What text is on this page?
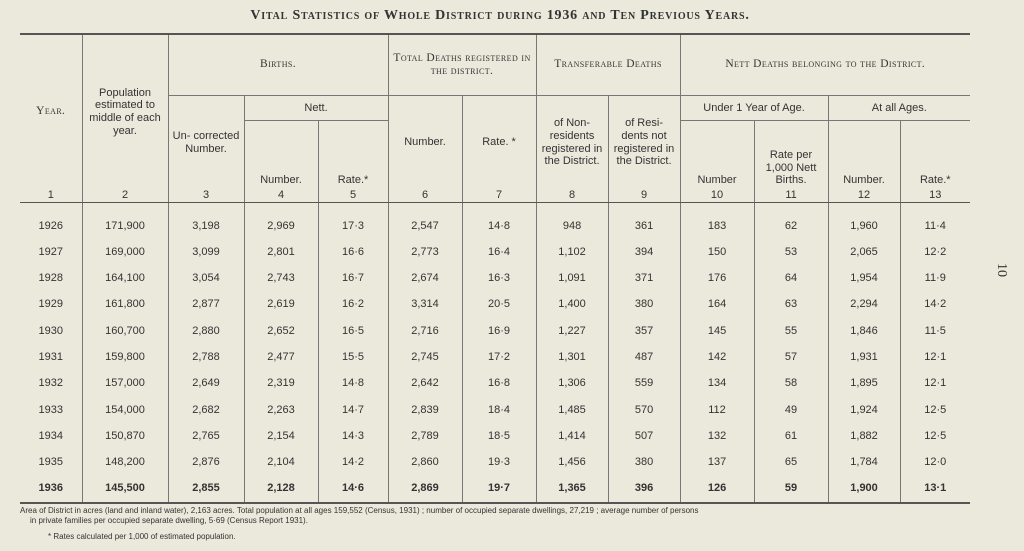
Vital Statistics of Whole District during 1936 and Ten Previous Years.
10
Year.	Population estimated to middle of each year.	Births.			Total Deaths registered in the district.		Transferable Deaths		Nett Deaths belonging to the District.			
		Un- corrected Number.	Nett.		Number.	Rate. *	of Non- residents registered in the District.	of Resi- dents not registered in the District.	Under 1 Year of Age.		At all Ages.	
			Number.	Rate.*					Number	Rate per 1,000 Nett Births.	Number.	Rate.*
1	2	3	4	5	6	7	8	9	10	11	12	13
1926	171,900	3,198	2,969	17·3	2,547	14·8	948	361	183	62	1,960	11·4
1927	169,000	3,099	2,801	16·6	2,773	16·4	1,102	394	150	53	2,065	12·2
1928	164,100	3,054	2,743	16·7	2,674	16·3	1,091	371	176	64	1,954	11·9
1929	161,800	2,877	2,619	16·2	3,314	20·5	1,400	380	164	63	2,294	14·2
1930	160,700	2,880	2,652	16·5	2,716	16·9	1,227	357	145	55	1,846	11·5
1931	159,800	2,788	2,477	15·5	2,745	17·2	1,301	487	142	57	1,931	12·1
1932	157,000	2,649	2,319	14·8	2,642	16·8	1,306	559	134	58	1,895	12·1
1933	154,000	2,682	2,263	14·7	2,839	18·4	1,485	570	112	49	1,924	12·5
1934	150,870	2,765	2,154	14·3	2,789	18·5	1,414	507	132	61	1,882	12·5
1935	148,200	2,876	2,104	14·2	2,860	19·3	1,456	380	137	65	1,784	12·0
1936	145,500	2,855	2,128	14·6	2,869	19·7	1,365	396	126	59	1,900	13·1
Area of District in acres (land and inland water), 2,163 acres. Total population at all ages 159,552 (Census, 1931) ; number of occupied separate dwellings, 27,219 ; average number of persons
in private families per occupied separate dwelling, 5·69 (Census Report 1931).
* Rates calculated per 1,000 of estimated population.
